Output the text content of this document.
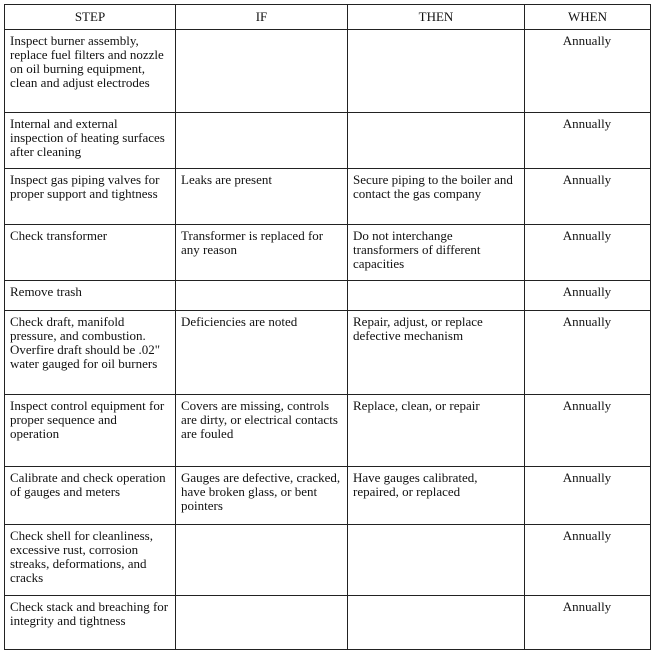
STEP	IF	THEN	WHEN
Inspect burner assembly, replace fuel filters and nozzle on oil burning equipment, clean and adjust electrodes			Annually
Internal and external inspection of heating surfaces after cleaning			Annually
Inspect gas piping valves for proper support and tightness	Leaks are present	Secure piping to the boiler and contact the gas company	Annually
Check transformer	Transformer is replaced for any reason	Do not interchange transformers of different capacities	Annually
Remove trash			Annually
Check draft, manifold pressure, and combustion. Overfire draft should be .02" water gauged for oil burners	Deficiencies are noted	Repair, adjust, or replace defective mechanism	Annually
Inspect control equipment for proper sequence and operation	Covers are missing, controls are dirty, or electrical contacts are fouled	Replace, clean, or repair	Annually
Calibrate and check operation of gauges and meters	Gauges are defective, cracked, have broken glass, or bent pointers	Have gauges calibrated, repaired, or replaced	Annually
Check shell for cleanliness, excessive rust, corrosion streaks, deformations, and cracks			Annually
Check stack and breaching for integrity and tightness			Annually
